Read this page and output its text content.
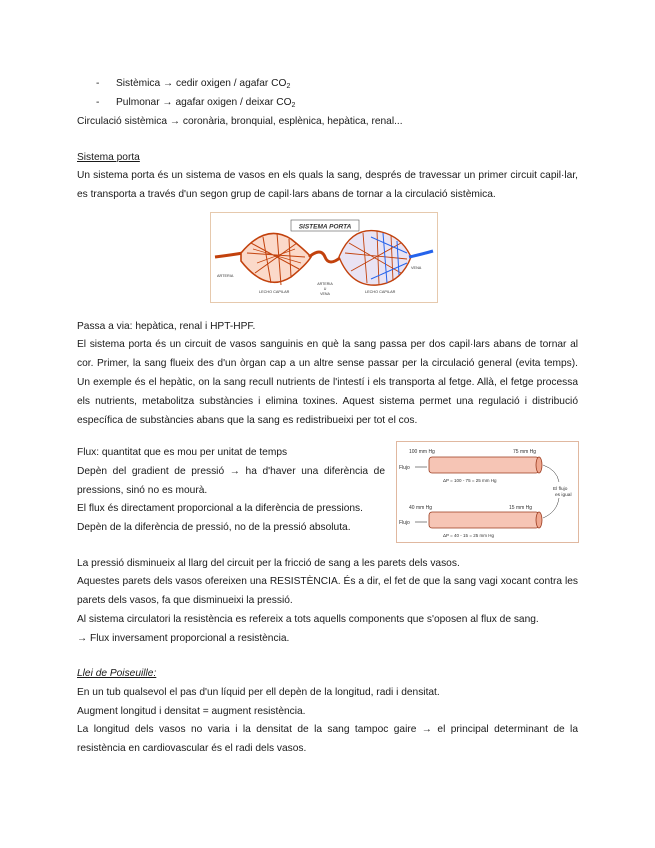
- Sistèmica → cedir oxigen / agafar $CO_2$
- Pulmonar → agafar oxigen / deixar $CO_2$
Circulació sistèmica → coronària, bronquial, esplènica, hepàtica, renal...
Sistema porta
Un sistema porta és un sistema de vasos en els quals la sang, després de travessar un primer circuit capil·lar, es transporta a través d'un segon grup de capil·lars abans de tornar a la circulació sistèmica.
SISTEMA PORTA
ARTERIA
LECHO CAPILAR
ARTERIA
U
VENA	LECHO CAPILAR
VENA
Passa a via: hepàtica, renal i HPT-HPF.
El sistema porta és un circuit de vasos sanguinis en què la sang passa per dos capil·lars abans de tornar al cor. Primer, la sang flueix des d'un òrgan cap a un altre sense passar per la circulació general (evita temps). Un exemple és el hepàtic, on la sang recull nutrients de l'intestí i els transporta al fetge. Allà, el fetge processa els nutrients, metabolitza substàncies i elimina toxines. Aquest sistema permet una regulació i distribució específica de substàncies abans que la sang es redistribueixi per tot el cos.
Flux: quantitat que es mou per unitat de temps
Depèn del gradient de pressió → ha d'haver una diferència de pressions, sinó no es mourà.
El flux és directament proporcional a la diferència de pressions.
Depèn de la diferència de pressió, no de la pressió absoluta.
100 mm Hg	75 mm Hg
Flujo
ΔP = 100 - 75 = 25 mm Hg
El flujo
es igual
40 mm Hg	15 mm Hg
Flujo
ΔP = 40 - 15 = 25 mm Hg
La pressió disminueix al llarg del circuit per la fricció de sang a les parets dels vasos.
Aquestes parets dels vasos ofereixen una RESISTÈNCIA. És a dir, el fet de que la sang vagi xocant contra les parets dels vasos, fa que disminueixi la pressió.
Al sistema circulatori la resistència es refereix a tots aquells components que s'oposen al flux de sang.
→ Flux inversament proporcional a resistència.
Llei de Poiseuille:
En un tub qualsevol el pas d'un líquid per ell depèn de la longitud, radi i densitat.
Augment longitud i densitat = augment resistència.
La longitud dels vasos no varia i la densitat de la sang tampoc gaire → el principal determinant de la resistència en cardiovascular és el radi dels vasos.
